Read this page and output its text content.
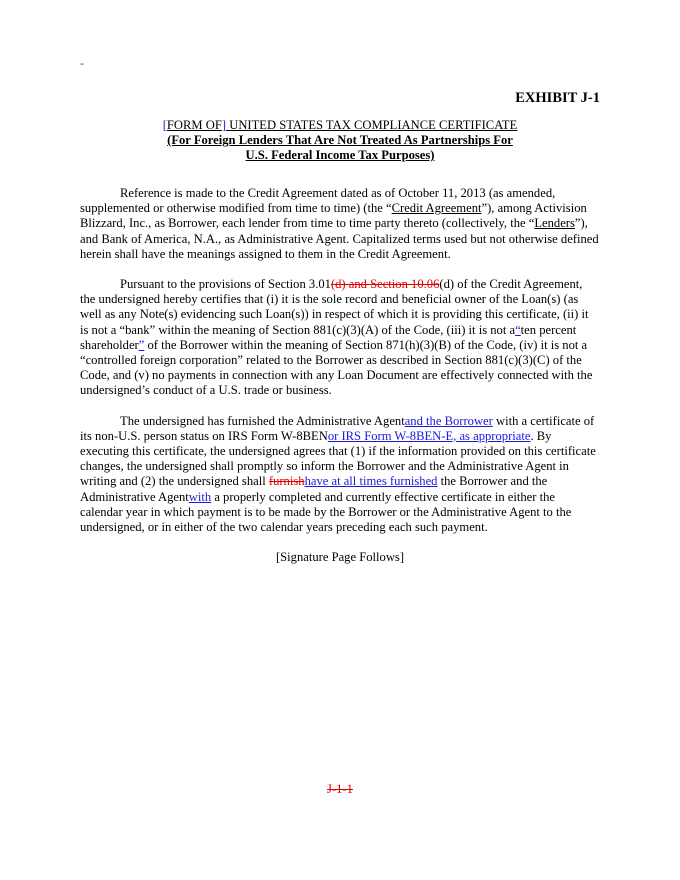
-
EXHIBIT J-1
[FORM OF] UNITED STATES TAX COMPLIANCE CERTIFICATE
(For Foreign Lenders That Are Not Treated As Partnerships For
U.S. Federal Income Tax Purposes)

Reference is made to the Credit Agreement dated as of October 11, 2013 (as amended, supplemented or otherwise modified from time to time) (the “Credit Agreement”), among Activision Blizzard, Inc., as Borrower, each lender from time to time party thereto (collectively, the “Lenders”), and Bank of America, N.A., as Administrative Agent. Capitalized terms used but not otherwise defined herein shall have the meanings assigned to them in the Credit Agreement.

Pursuant to the provisions of Section 3.01(d) and Section 10.06(d) of the Credit Agreement, the undersigned hereby certifies that (i) it is the sole record and beneficial owner of the Loan(s) (as well as any Note(s) evidencing such Loan(s)) in respect of which it is providing this certificate, (ii) it is not a “bank” within the meaning of Section 881(c)(3)(A) of the Code, (iii) it is not a“ten percent shareholder” of the Borrower within the meaning of Section 871(h)(3)(B) of the Code, (iv) it is not a “controlled foreign corporation” related to the Borrower as described in Section 881(c)(3)(C) of the Code, and (v) no payments in connection with any Loan Document are effectively connected with the undersigned’s conduct of a U.S. trade or business.

The undersigned has furnished the Administrative Agentand the Borrower with a certificate of its non-U.S. person status on IRS Form W-8BENor IRS Form W-8BEN-E, as appropriate. By executing this certificate, the undersigned agrees that (1) if the information provided on this certificate changes, the undersigned shall promptly so inform the Borrower and the Administrative Agent in writing and (2) the undersigned shall furnishhave at all times furnished the Borrower and the Administrative Agentwith a properly completed and currently effective certificate in either the calendar year in which payment is to be made by the Borrower or the Administrative Agent to the undersigned, or in either of the two calendar years preceding each such payment.

[Signature Page Follows]
J-1-1
